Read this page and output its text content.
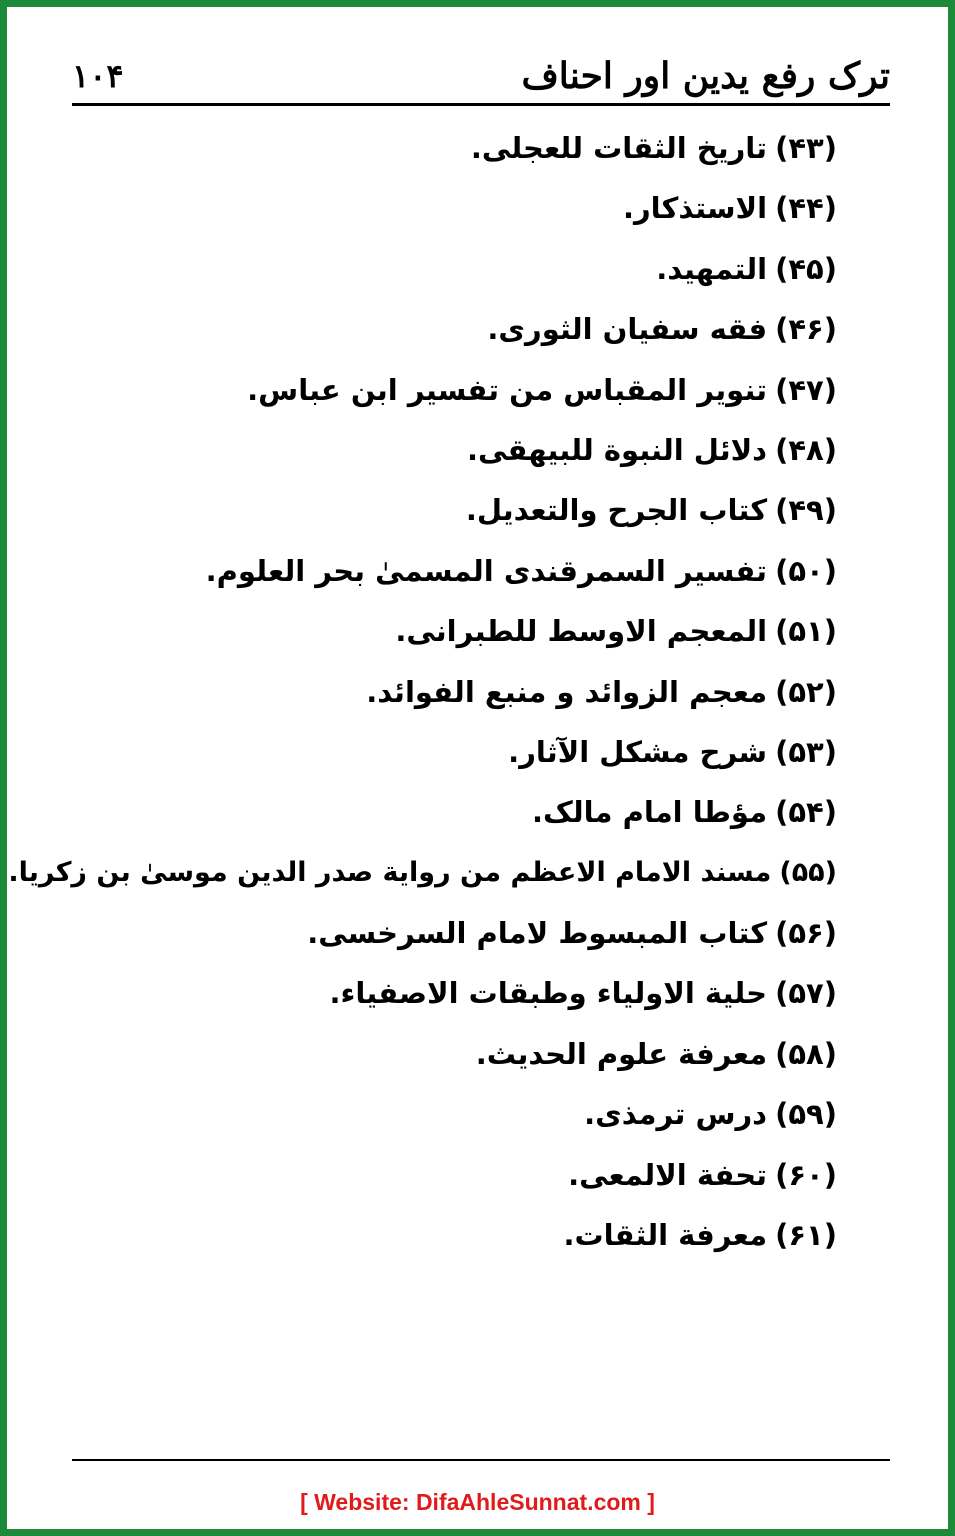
ترک رفع یدین اور احناف
۱۰۴
(۴۳)تاريخ الثقات للعجلی.
(۴۴)الاستذكار.
(۴۵)التمهيد.
(۴۶)فقه سفيان الثوری.
(۴۷)تنوير المقباس من تفسير ابن عباس.
(۴۸)دلائل النبوة للبيهقی.
(۴۹)كتاب الجرح والتعديل.
(۵۰)تفسير السمرقندی المسمیٰ بحر العلوم.
(۵۱)المعجم الاوسط للطبرانی.
(۵۲)معجم الزوائد و منبع الفوائد.
(۵۳)شرح مشكل الآثار.
(۵۴)مؤطا امام مالک.
(۵۵)مسند الامام الاعظم من رواية صدر الدين موسیٰ بن زكريا.
(۵۶)كتاب المبسوط لامام السرخسی.
(۵۷)حلية الاولياء وطبقات الاصفياء.
(۵۸)معرفة علوم الحديث.
(۵۹)درس ترمذی.
(۶۰)تحفة الالمعی.
(۶۱)معرفة الثقات.
[ Website: DifaAhleSunnat.com ]
